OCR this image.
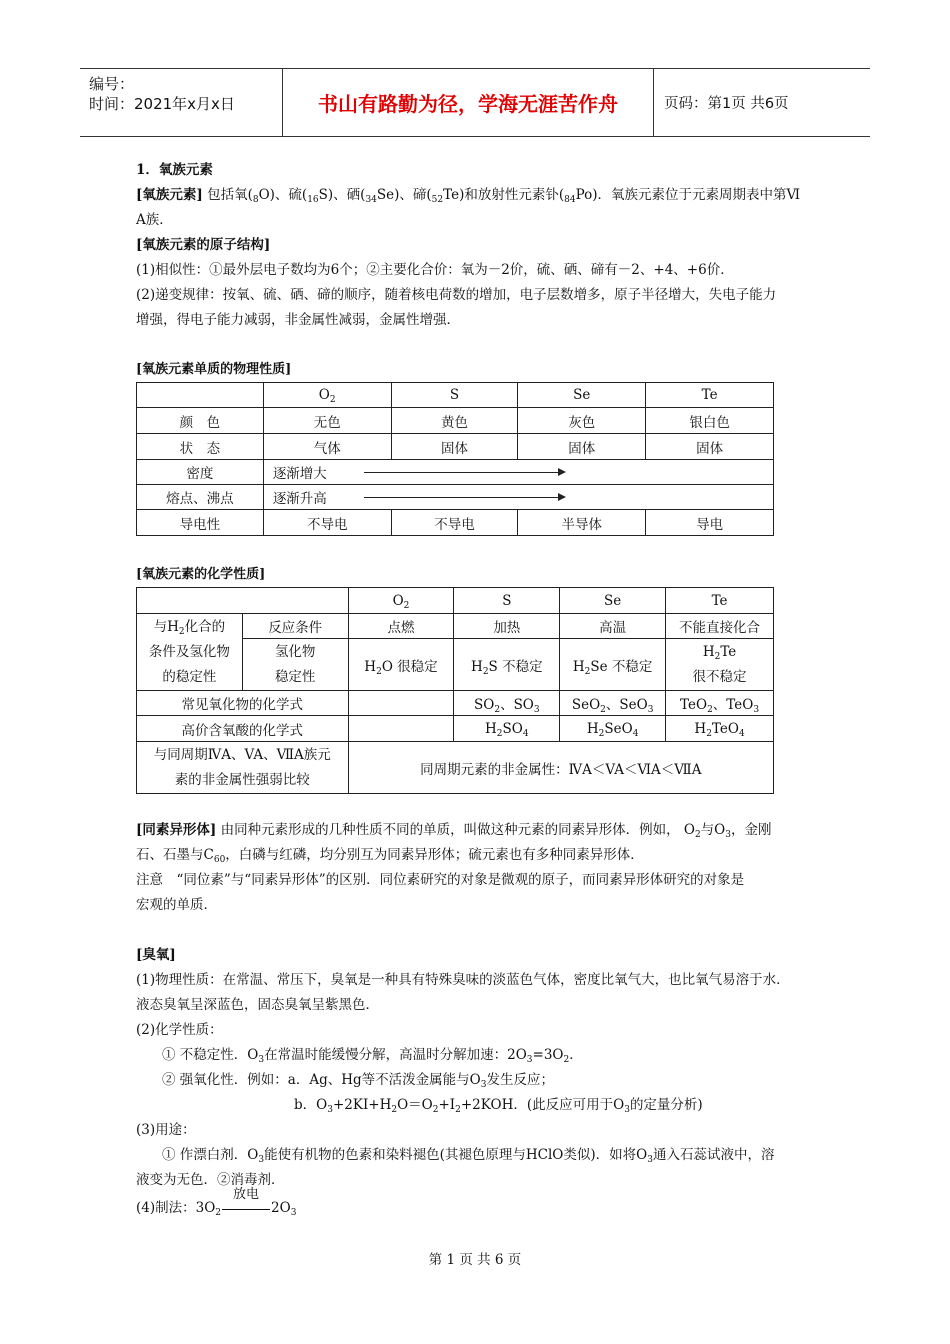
编号：
时间：2021年x月x日	书山有路勤为径，学海无涯苦作舟	页码：第1页 共6页
1．氧族元素
[氧族元素] 包括氧$(_8O)$、硫$(_{16}S)$、硒$(_{34}Se)$、碲$(_{52}Te)$和放射性元素钋$(_{84}Po)$．氧族元素位于元素周期表中第Ⅵ
A族．
[氧族元素的原子结构]
(1)相似性：①最外层电子数均为6个；②主要化合价：氧为－2价，硫、硒、碲有－2、+4、+6价．
(2)递变规律：按氧、硫、硒、碲的顺序，随着核电荷数的增加，电子层数增多，原子半径增大，失电子能力
增强，得电子能力减弱，非金属性减弱，金属性增强．
[氧族元素单质的物理性质]
	$O_2$	S	Se	Te
颜　色	无色	黄色	灰色	银白色
状　态	气体	固体	固体	固体
密度	逐渐增大			

熔点、沸点	逐渐升高			

导电性	不导电	不导电	半导体	导电
[氧族元素的化学性质]
		$O_2$	S	Se	Te
与$H_2$化合的
条件及氢化物
的稳定性	反应条件	点燃	加热	高温	不能直接化合
	氢化物
稳定性	$H_2O$ 很稳定	$H_2S$ 不稳定	$H_2Se$ 不稳定	$H_2Te$
很不稳定
常见氧化物的化学式			$SO_2$、$SO_3$	SeO$_2$、SeO$_3$	TeO$_2$、TeO$_3$
高价含氧酸的化学式			$H_2SO_4$	$H_2SeO_4$	$H_2TeO_4$
与同周期ⅣA、VA、ⅦA族元
素的非金属性强弱比较		同周期元素的非金属性：ⅣA＜VA＜ⅥA＜ⅦA			
[同素异形体] 由同种元素形成的几种性质不同的单质，叫做这种元素的同素异形体．例如， $O_2$与$O_3$，金刚
石、石墨与$C_{60}$，白磷与红磷，均分别互为同素异形体；硫元素也有多种同素异形体．
注意　“同位素”与“同素异形体”的区别．同位素研究的对象是微观的原子，而同素异形体研究的对象是
宏观的单质．
[臭氧]
(1)物理性质：在常温、常压下，臭氧是一种具有特殊臭味的淡蓝色气体，密度比氧气大，也比氧气易溶于水．
液态臭氧呈深蓝色，固态臭氧呈紫黑色．
(2)化学性质：
① 不稳定性．$O_3$在常温时能缓慢分解，高温时分解加速：$2O_3=3O_2$．
② 强氧化性．例如：a．Ag、Hg等不活泼金属能与$O_3$发生反应；
b．$O_3+2KI+H_2O=O_2+I_2+2KOH$．(此反应可用于$O_3$的定量分析)
(3)用途：
① 作漂白剂．$O_3$能使有机物的色素和染料褪色(其褪色原理与HClO类似)．如将$O_3$通入石蕊试液中，溶
液变为无色．②消毒剂．
(4)制法：$3O_2$
放电
$2O_3$
第 1 页 共 6 页
